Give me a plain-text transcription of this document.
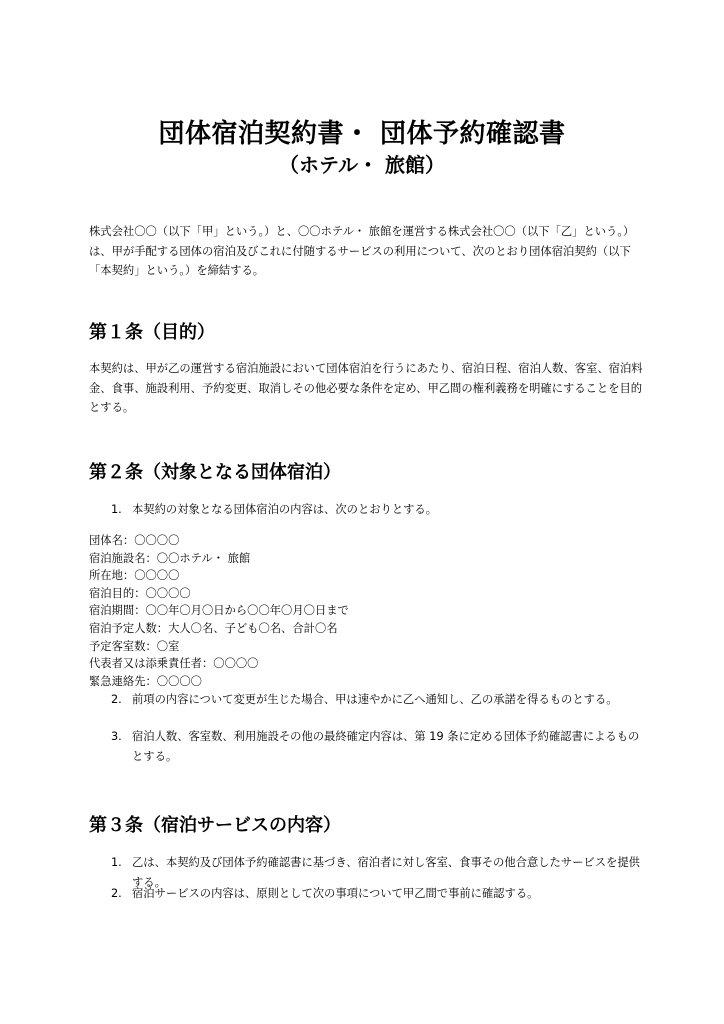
団体宿泊契約書・ 団体予約確認書
（ホテル・ 旅館）

株式会社〇〇（以下「甲」という。）と、〇〇ホテル・ 旅館を運営する株式会社〇〇（以下「乙」という。）は、甲が手配する団体の宿泊及びこれに付随するサービスの利用について、次のとおり団体宿泊契約（以下「本契約」という。）を締結する。

第１条（目的）

本契約は、甲が乙の運営する宿泊施設において団体宿泊を行うにあたり、宿泊日程、宿泊人数、客室、宿泊料金、食事、施設利用、予約変更、取消しその他必要な条件を定め、甲乙間の権利義務を明確にすることを目的とする。

第２条（対象となる団体宿泊）
1. 本契約の対象となる団体宿泊の内容は、次のとおりとする。
団体名：〇〇〇〇
宿泊施設名：〇〇ホテル・ 旅館
所在地：〇〇〇〇
宿泊目的：〇〇〇〇
宿泊期間：〇〇年〇月〇日から〇〇年〇月〇日まで
宿泊予定人数：大人〇名、子ども〇名、合計〇名
予定客室数：〇室
代表者又は添乗責任者：〇〇〇〇
緊急連絡先：〇〇〇〇
2. 前項の内容について変更が生じた場合、甲は速やかに乙へ通知し、乙の承諾を得るものとする。
3. 宿泊人数、客室数、利用施設その他の最終確定内容は、第 19 条に定める団体予約確認書によるものとする。
第３条（宿泊サービスの内容）
1. 乙は、本契約及び団体予約確認書に基づき、宿泊者に対し客室、食事その他合意したサービスを提供する。
2. 宿泊サービスの内容は、原則として次の事項について甲乙間で事前に確認する。
